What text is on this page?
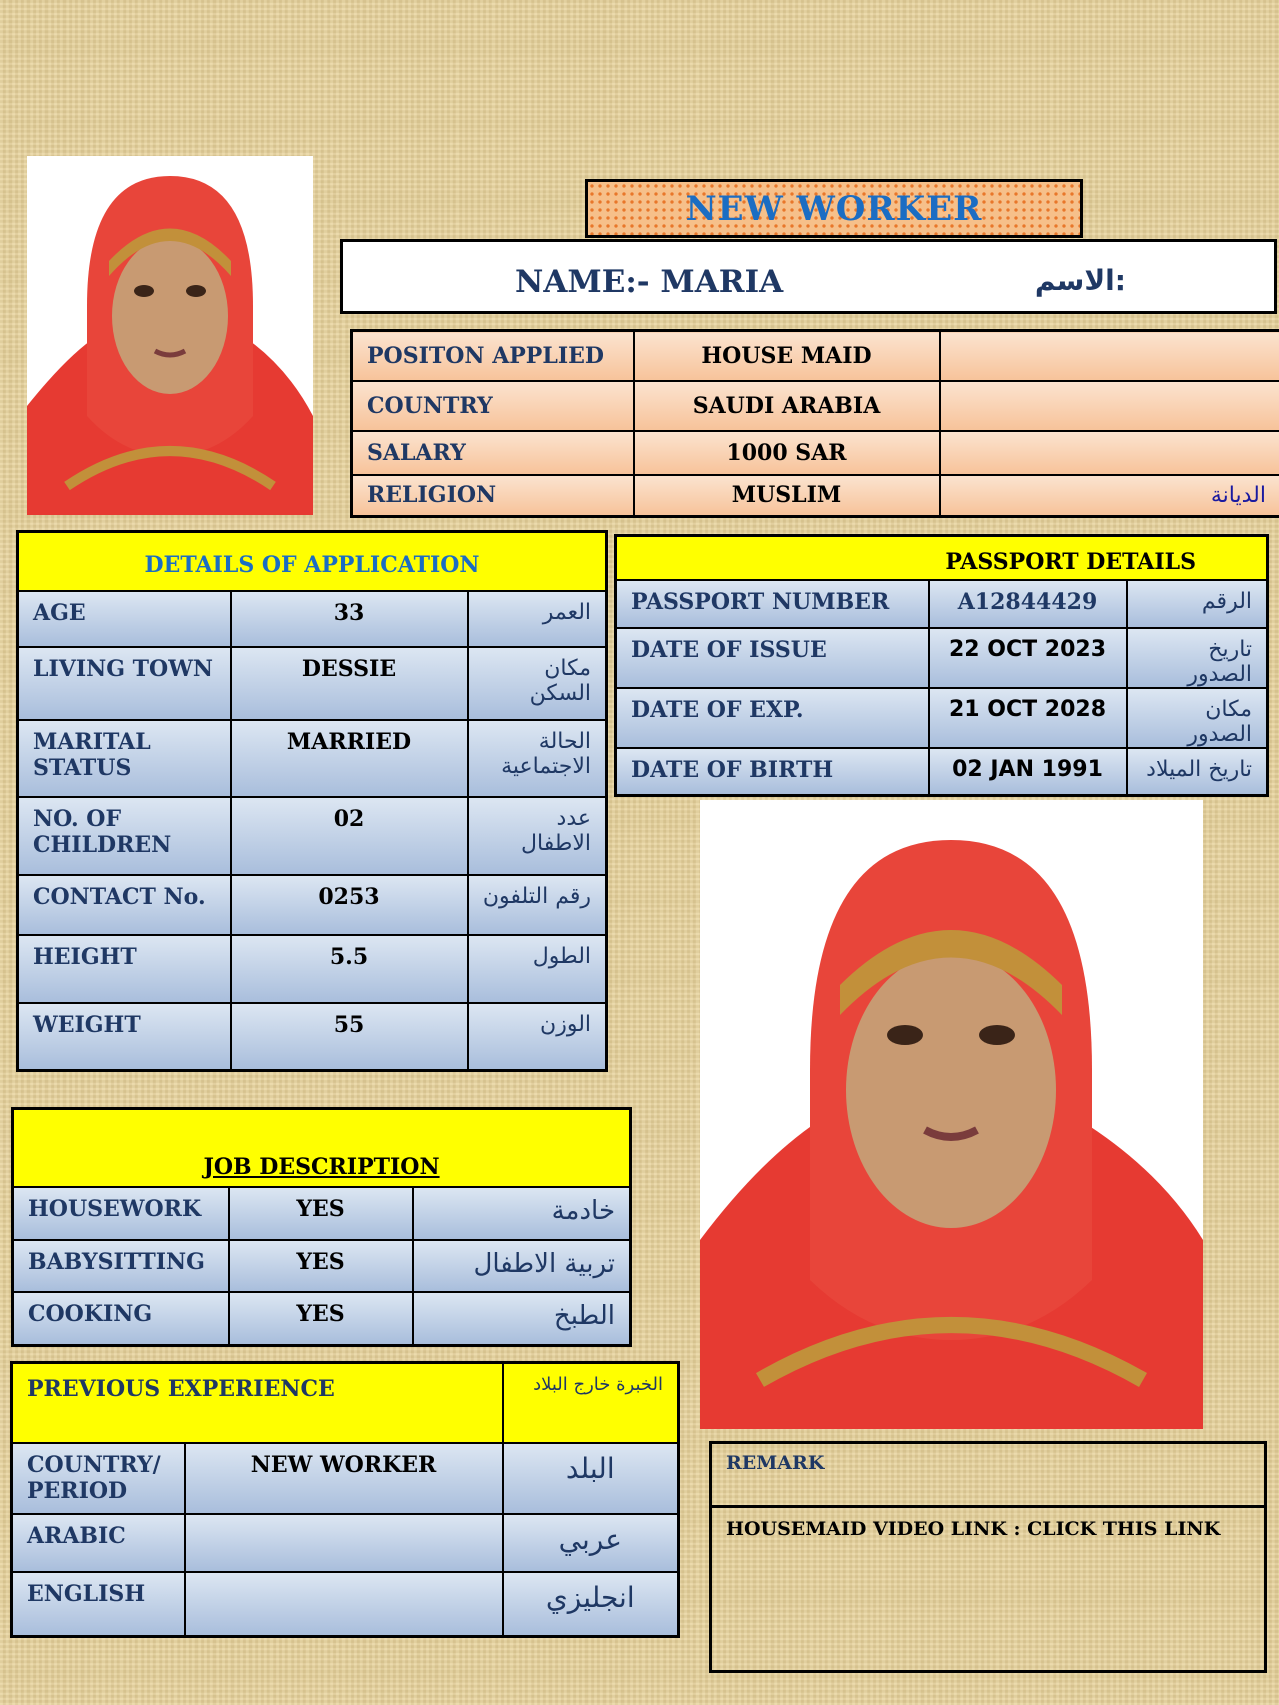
NEW WORKER
NAME:- MARIA	الاسم:
POSITON APPLIED	HOUSE MAID	
COUNTRY	SAUDI ARABIA	
SALARY	1000 SAR	
RELIGION	MUSLIM	الديانة
DETAILS OF APPLICATION		
AGE	33	العمر
LIVING TOWN	DESSIE	مكان السكن
MARITAL STATUS	MARRIED	الحالة الاجتماعية
NO. OF CHILDREN	02	عدد الاطفال
CONTACT No.	0253	رقم التلفون
HEIGHT	5.5	الطول
WEIGHT	55	الوزن
PASSPORT DETAILS		
PASSPORT NUMBER	A12844429	الرقم
DATE OF ISSUE	22 OCT 2023	تاريخ الصدور
DATE OF EXP.	21 OCT 2028	مكان الصدور
DATE OF BIRTH	02 JAN 1991	تاريخ الميلاد
JOB DESCRIPTION		
HOUSEWORK	YES	خادمة
BABYSITTING	YES	تربية الاطفال
COOKING	YES	الطبخ
PREVIOUS EXPERIENCE		الخبرة خارج البلاد
COUNTRY/ PERIOD	NEW WORKER	البلد
ARABIC		عربي
ENGLISH		انجليزي
REMARK
HOUSEMAID VIDEO LINK : CLICK THIS LINK
